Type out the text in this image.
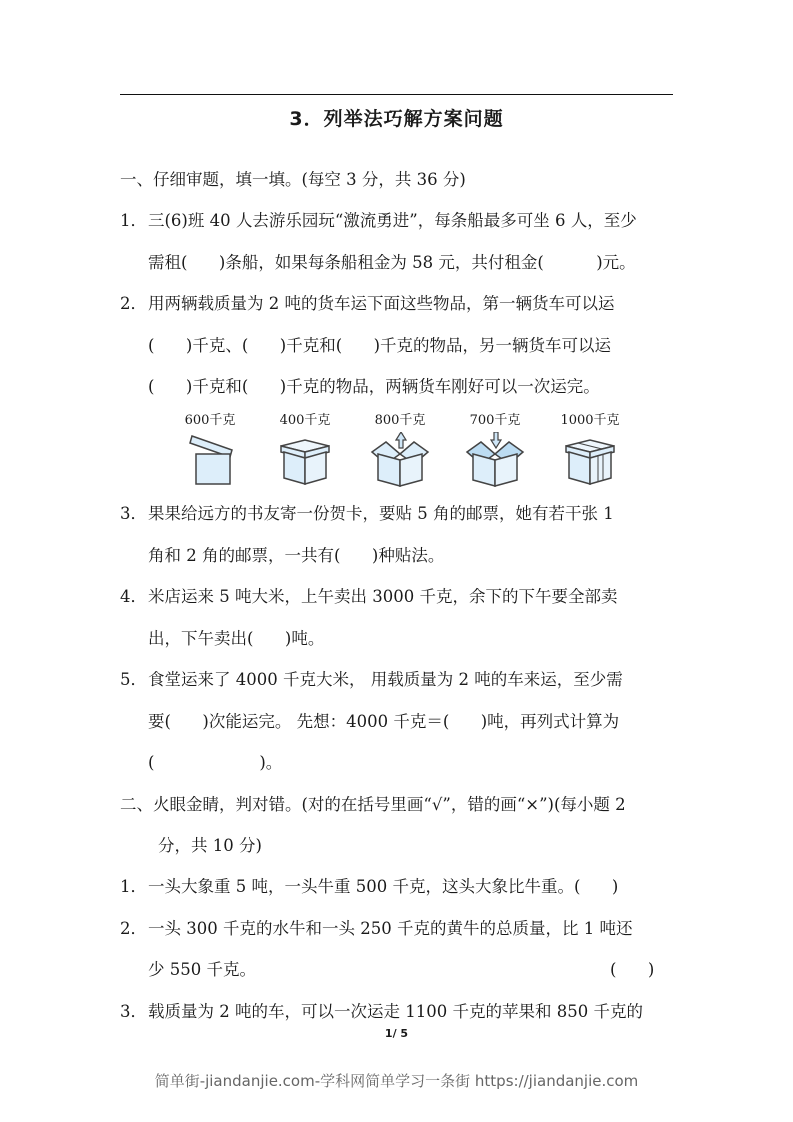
3．列举法巧解方案问题
一、仔细审题，填一填。(每空 3 分，共 36 分)
1．三(6)班 40 人去游乐园玩“激流勇进”，每条船最多可坐 6 人，至少
需租(      )条船，如果每条船租金为 58 元，共付租金(          )元。
2．用两辆载质量为 2 吨的货车运下面这些物品，第一辆货车可以运
(      )千克、(      )千克和(      )千克的物品，另一辆货车可以运
(      )千克和(      )千克的物品，两辆货车刚好可以一次运完。
600千克	400千克	800千克	700千克	1000千克
3．果果给远方的书友寄一份贺卡，要贴 5 角的邮票，她有若干张 1
角和 2 角的邮票，一共有(      )种贴法。
4．米店运来 5 吨大米，上午卖出 3000 千克，余下的下午要全部卖
出，下午卖出(      )吨。
5．食堂运来了 4000 千克大米， 用载质量为 2 吨的车来运，至少需
要(      )次能运完。 先想：4000 千克＝(      )吨，再列式计算为
(                    )。
二、火眼金睛，判对错。(对的在括号里画“√”，错的画“×”)(每小题 2
分，共 10 分)
1．一头大象重 5 吨，一头牛重 500 千克，这头大象比牛重。(      )
2．一头 300 千克的水牛和一头 250 千克的黄牛的总质量，比 1 吨还
少 550 千克。	(      )
3．载质量为 2 吨的车，可以一次运走 1100 千克的苹果和 850 千克的
1/ 5
简单街-jiandanjie.com-学科网简单学习一条街 https://jiandanjie.com
